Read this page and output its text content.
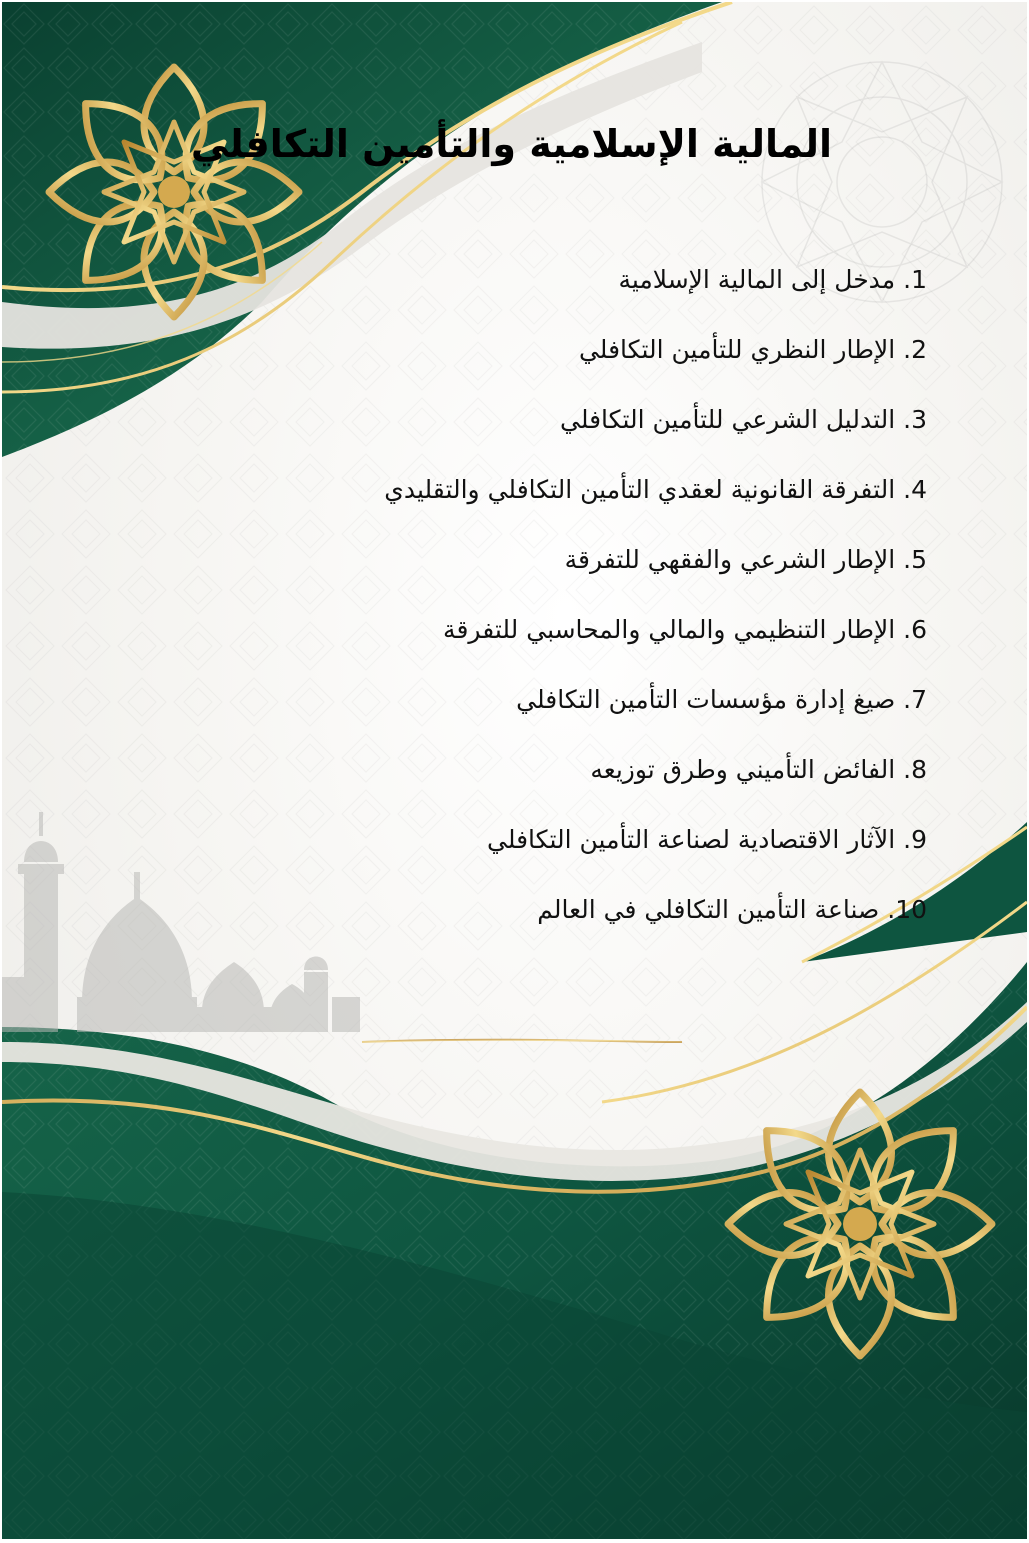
المالية الإسلامية والتأمين التكافلي
1. مدخل إلى المالية الإسلامية
2. الإطار النظري للتأمين التكافلي
3. التدليل الشرعي للتأمين التكافلي
4. التفرقة القانونية لعقدي التأمين التكافلي والتقليدي
5. الإطار الشرعي والفقهي للتفرقة
6. الإطار التنظيمي والمالي والمحاسبي للتفرقة
7. صيغ إدارة مؤسسات التأمين التكافلي
8. الفائض التأميني وطرق توزيعه
9. الآثار الاقتصادية لصناعة التأمين التكافلي
10. صناعة التأمين التكافلي في العالم
